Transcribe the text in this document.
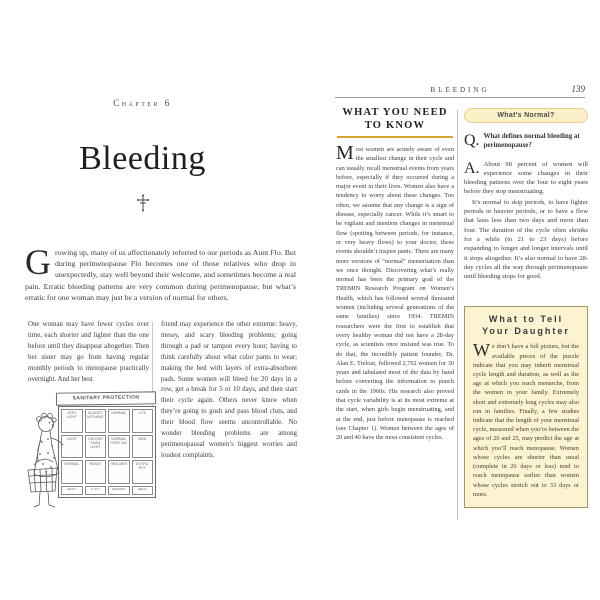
Chapter 6
Bleeding
Growing up, many of us affectionately referred to our periods as Aunt Flo. But during perimenopause Flo becomes one of those relatives who drop in unexpectedly, stay well beyond their welcome, and sometimes become a real pain. Erratic bleeding patterns are very common during perimenopause, but what’s erratic for one woman may just be a version of normal for others.
One woman may have fewer cycles over time, each shorter and lighter than the one before until they disappear altogether. Then her sister may go from having regular monthly periods to menopause practically overnight. And her best
friend may experience the other extreme: heavy, messy, and scary bleeding problems; going through a pad or tampon every hour; having to think carefully about what color pants to wear; making the bed with layers of extra-absorbent pads. Some women will bleed for 20 days in a row, get a break for 5 or 10 days, and then start their cycle again. Others never know when they’re going to gush and pass blood clots, and their blood flow seems uncontrollable. No wonder bleeding problems are among perimenopausal women’s biggest worries and loudest complaints.
SANITARY PROTECTION
VERY LIGHT
ALMOST NOTHING
NORMAL	LITE
LIGHT	LIGHTER THAN LIGHT
NORMAL FIRST AID
NEW
NORMAL	HEAVY	HEA-VIER	EXTRA HVY
HEAVY	V. HVY	HEAVIEST	MEGA
BLEEDING	139
WHAT YOU NEED
TO KNOW
Most women are acutely aware of even the smallest change in their cycle and can usually recall menstrual events from years before, especially if they occurred during a major event in their lives. Women also have a tendency to worry about these changes. Too often, we assume that any change is a sign of disease, especially cancer. While it’s smart to be vigilant and mention changes in menstrual flow (spotting between periods, for instance, or very heavy flows) to your doctor, these events shouldn’t inspire panic. There are many more versions of “normal” menstruation than we once thought. Discovering what’s really normal has been the primary goal of the TREMIN Research Program on Women’s Health, which has followed several thousand women (including several generations of the same families) since 1934. TREMIN researchers were the first to establish that every healthy woman did not have a 28-day cycle, as scientists once insisted was true. To do that, the incredibly patient founder, Dr. Alan E. Treloar, followed 2,702 women for 30 years and tabulated most of the data by hand before converting the information to punch cards in the 1960s. His research also proved that cycle variability is at its most extreme at the start, when girls begin menstruating, and at the end, just before menopause is reached (see Chapter 1). Women between the ages of 20 and 40 have the most consistent cycles.
What's Normal?
Q. What defines normal bleeding at perimenopause?
A. About 90 percent of women will experience some changes in their bleeding patterns over the four to eight years before they stop menstruating.
It’s normal to skip periods, to have lighter periods or heavier periods, or to have a flow that lasts less than two days and more than four. The duration of the cycle often shrinks for a while (to 21 to 23 days) before expanding to longer and longer intervals until it stops altogether. It’s also normal to have 28-day cycles all the way through perimenopause until bleeding stops for good.
What to Tell
Your Daughter
We don’t have a full picture, but the available pieces of the puzzle indicate that you may inherit menstrual cycle length and duration, as well as the age at which you reach menarche, from the women in your family. Extremely short and extremely long cycles may also run in families. Finally, a few studies indicate that the length of your menstrual cycle, measured when you’re between the ages of 20 and 25, may predict the age at which you’ll reach menopause. Women whose cycles are shorter than usual (complete in 26 days or less) tend to reach menopause earlier than women whose cycles stretch out to 33 days or more.
